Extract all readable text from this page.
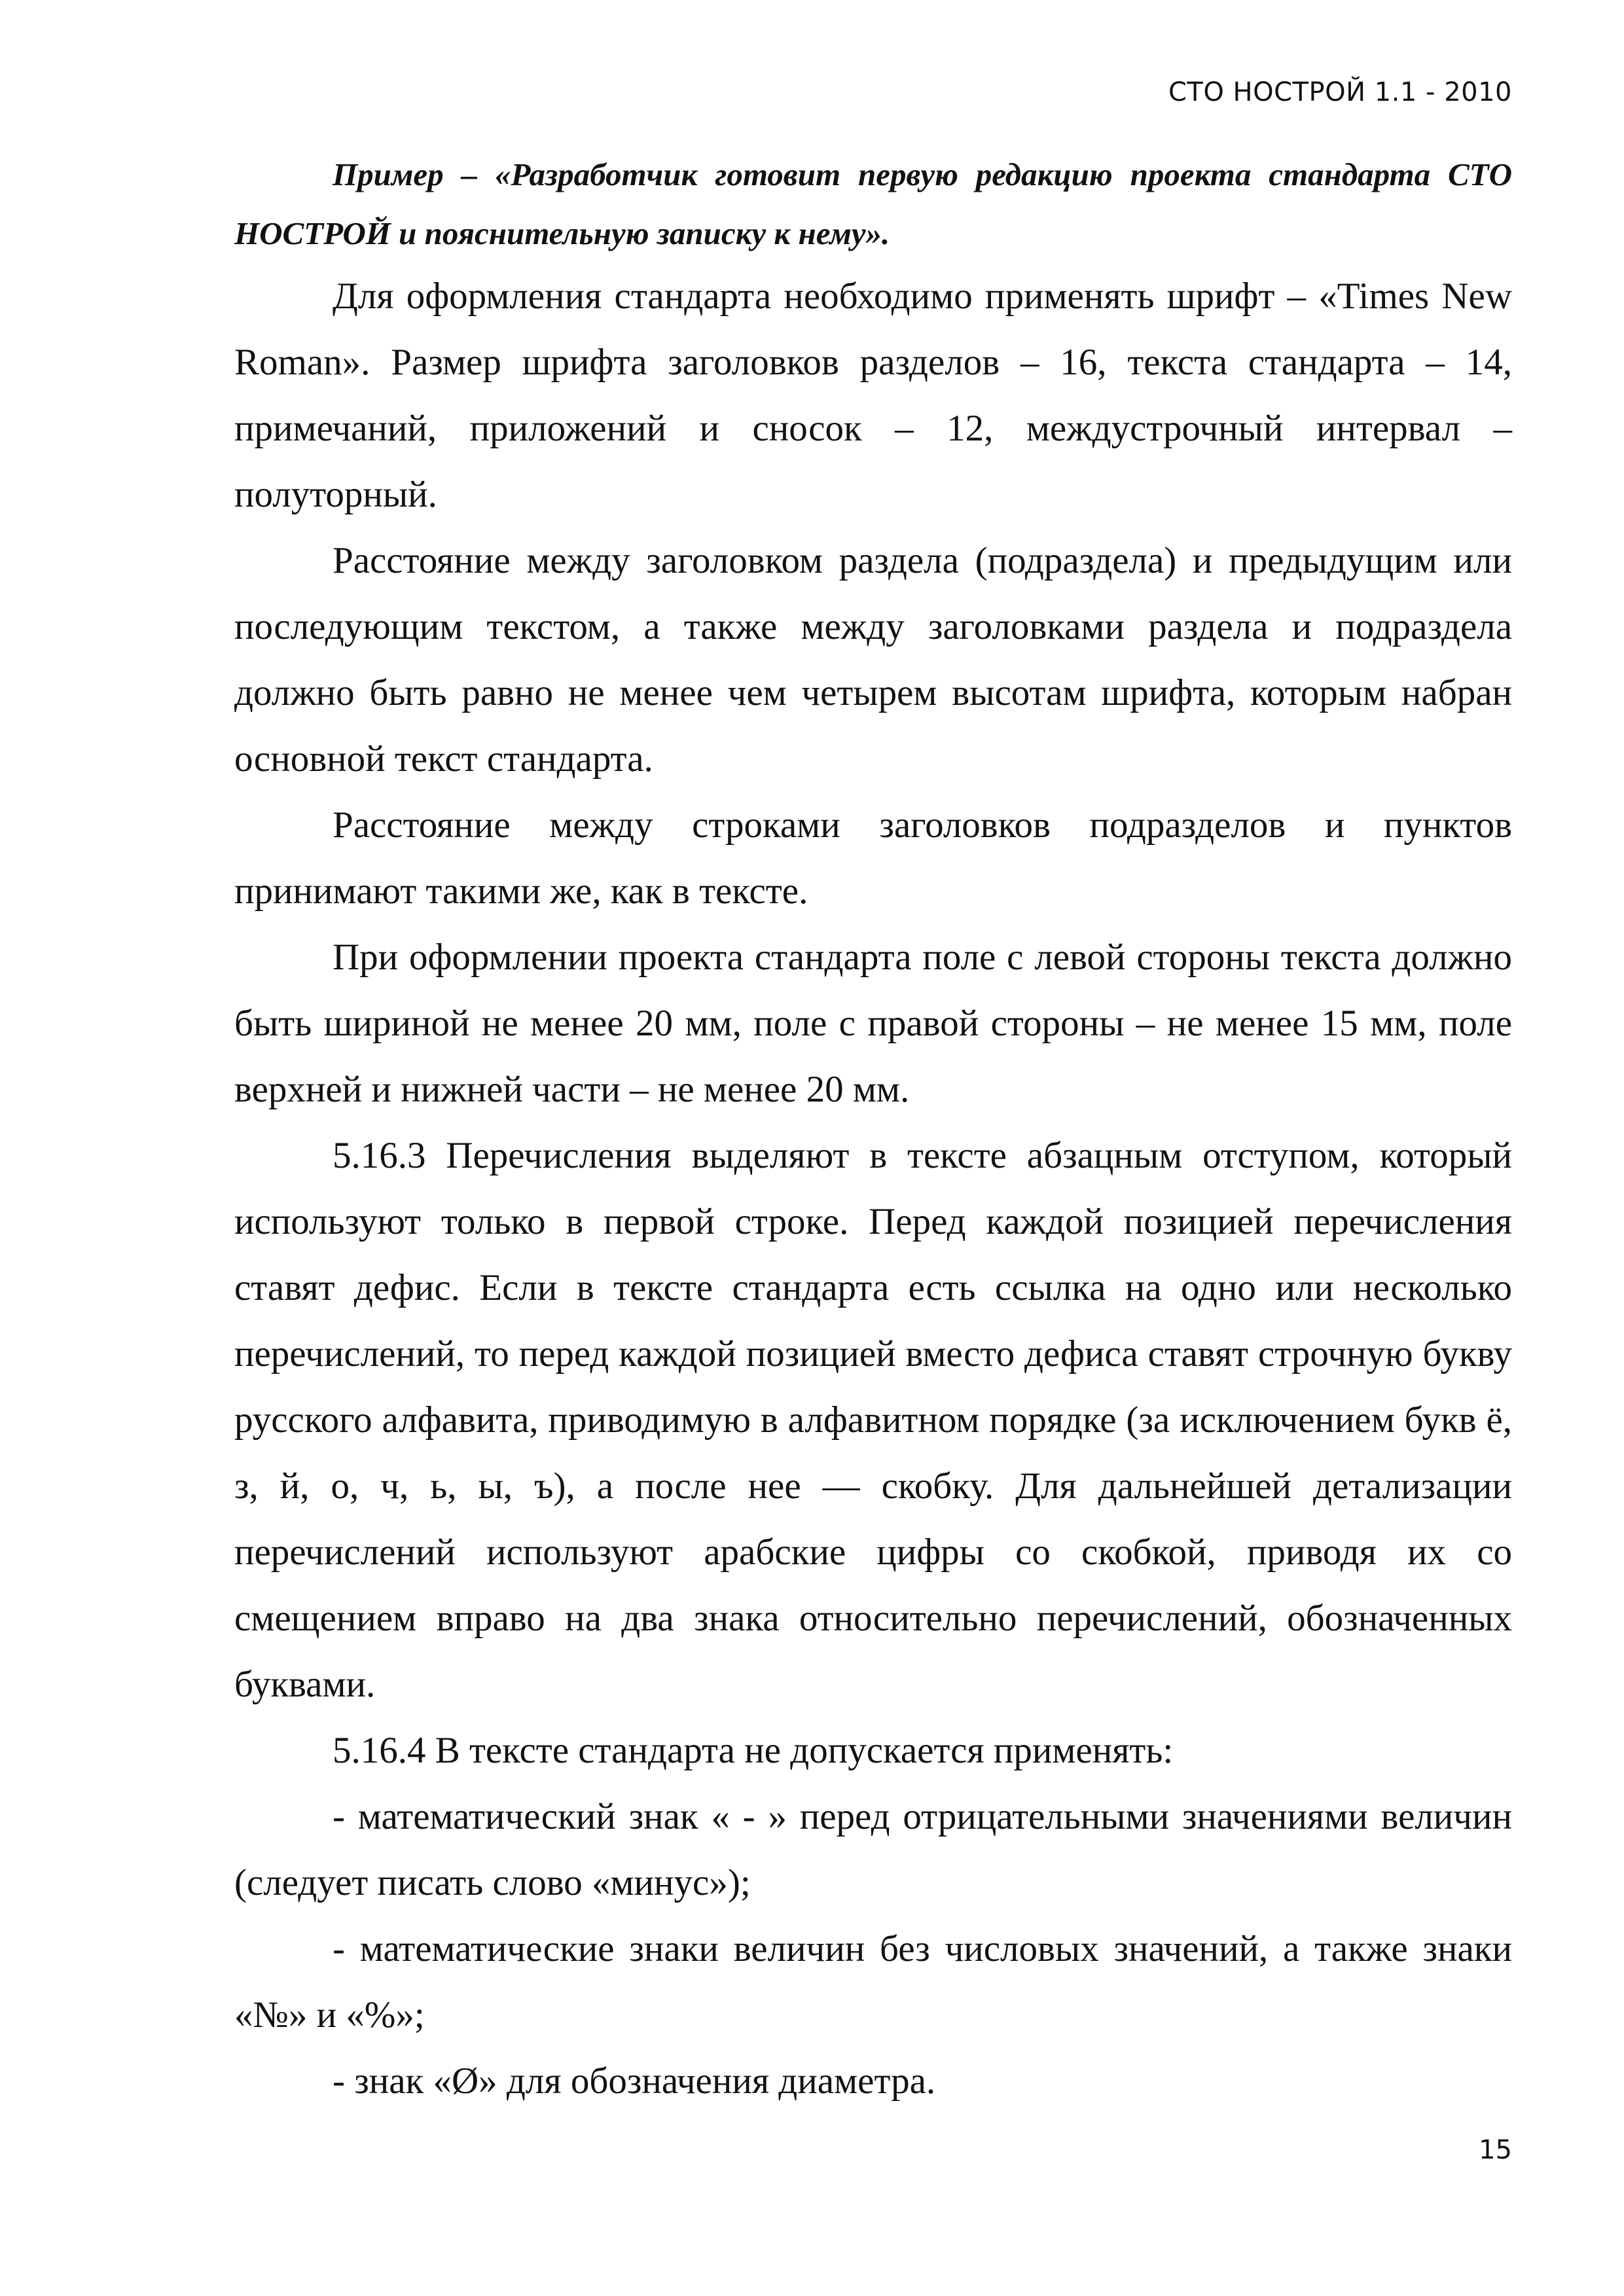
СТО НОСТРОЙ 1.1 - 2010

Пример – «Разработчик готовит первую редакцию проекта стандарта СТО НОСТРОЙ и пояснительную записку к нему».

Для оформления стандарта необходимо применять шрифт – «Times New Roman». Размер шрифта заголовков разделов – 16, текста стандарта – 14, примечаний, приложений и сносок – 12, междустрочный интервал – полуторный.

Расстояние между заголовком раздела (подраздела) и предыдущим или последующим текстом, а также между заголовками раздела и подраздела должно быть равно не менее чем четырем высотам шрифта, которым набран основной текст стандарта.

Расстояние между строками заголовков подразделов и пунктов принимают такими же, как в тексте.

При оформлении проекта стандарта поле с левой стороны текста должно быть шириной не менее 20 мм, поле с правой стороны – не менее 15 мм, поле верхней и нижней части – не менее 20 мм.

5.16.3 Перечисления выделяют в тексте абзацным отступом, который используют только в первой строке. Перед каждой позицией перечисления ставят дефис. Если в тексте стандарта есть ссылка на одно или несколько перечислений, то перед каждой позицией вместо дефиса ставят строчную букву русского алфавита, приводимую в алфавитном порядке (за исключением букв ё, з, й, о, ч, ь, ы, ъ), а после нее — скобку. Для дальнейшей детализации перечислений используют арабские цифры со скобкой, приводя их со смещением вправо на два знака относительно перечислений, обозначенных буквами.

5.16.4 В тексте стандарта не допускается применять:

- математический знак « - » перед отрицательными значениями величин (следует писать слово «минус»);

- математические знаки величин без числовых значений, а также знаки «№» и «%»;

- знак «Ø» для обозначения диаметра.

15
